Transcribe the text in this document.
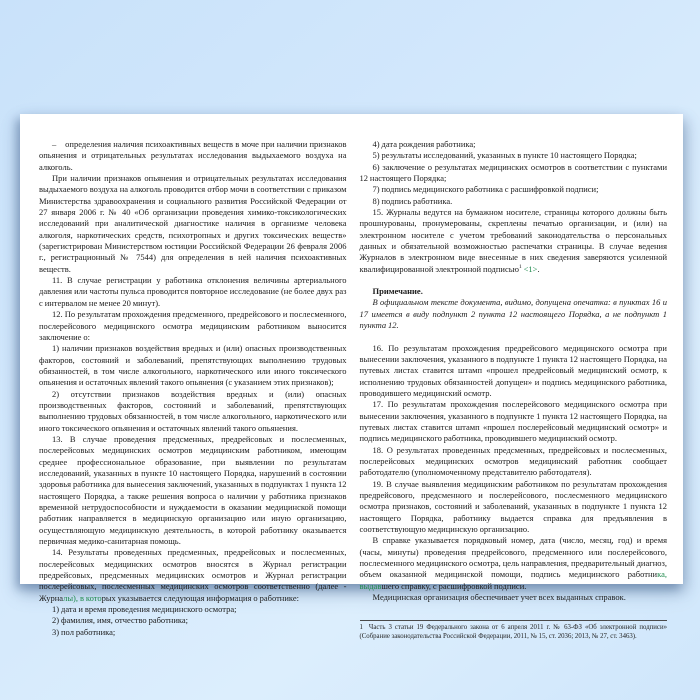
–    определения наличия психоактивных веществ в моче при наличии признаков опьянения и отрицательных результатах исследования выдыхаемого воздуха на алкоголь.

При наличии признаков опьянения и отрицательных результатах исследования выдыхаемого воздуха на алкоголь проводится отбор мочи в соответствии с приказом Министерства здравоохранения и социального развития Российской Федерации от 27 января 2006 г. № 40 «Об организации проведения химико-токсикологических исследований при аналитической диагностике наличия в организме человека алкоголя, наркотических средств, психотропных и других токсических веществ» (зарегистрирован Министерством юстиции Российской Федерации 26 февраля 2006 г., регистрационный № 7544) для определения в ней наличия психоактивных веществ.

11. В случае регистрации у работника отклонения величины артериального давления или частоты пульса проводится повторное исследование (не более двух раз с интервалом не менее 20 минут).

12. По результатам прохождения предсменного, предрейсового и послесменного, послерейсового медицинского осмотра медицинским работником выносится заключение о:

1) наличии признаков воздействия вредных и (или) опасных производственных факторов, состояний и заболеваний, препятствующих выполнению трудовых обязанностей, в том числе алкогольного, наркотического или иного токсического опьянения и остаточных явлений такого опьянения (с указанием этих признаков);

2) отсутствии признаков воздействия вредных и (или) опасных производственных факторов, состояний и заболеваний, препятствующих выполнению трудовых обязанностей, в том числе алкогольного, наркотического или иного токсического опьянения и остаточных явлений такого опьянения.

13. В случае проведения предсменных, предрейсовых и послесменных, послерейсовых медицинских осмотров медицинским работником, имеющим среднее профессиональное образование, при выявлении по результатам исследований, указанных в пункте 10 настоящего Порядка, нарушений в состоянии здоровья работника для вынесения заключений, указанных в подпунктах 1 пункта 12 настоящего Порядка, а также решения вопроса о наличии у работника признаков временной нетрудоспособности и нуждаемости в оказании медицинской помощи работник направляется в медицинскую организацию или иную организацию, осуществляющую медицинскую деятельность, в которой работнику оказывается первичная медико-санитарная помощь.

14. Результаты проведенных предсменных, предрейсовых и послесменных, послерейсовых медицинских осмотров вносятся в Журнал регистрации предрейсовых, предсменных медицинских осмотров и Журнал регистрации послерейсовых, послесменных медицинских осмотров соответственно (далее - Журналы), в которых указывается следующая информация о работнике:

1) дата и время проведения медицинского осмотра;

2) фамилия, имя, отчество работника;

3) пол работника;

4) дата рождения работника;

5) результаты исследований, указанных в пункте 10 настоящего Порядка;

6) заключение о результатах медицинских осмотров в соответствии с пунктами 12 настоящего Порядка;

7) подпись медицинского работника с расшифровкой подписи;

8) подпись работника.

15. Журналы ведутся на бумажном носителе, страницы которого должны быть прошнурованы, пронумерованы, скреплены печатью организации, и (или) на электронном носителе с учетом требований законодательства о персональных данных и обязательной возможностью распечатки страницы. В случае ведения Журналов в электронном виде внесенные в них сведения заверяются усиленной квалифицированной электронной подписью$^1$ <1>.

Примечание.

В официальном тексте документа, видимо, допущена опечатка: в пунктах 16 и 17 имеется в виду подпункт 2 пункта 12 настоящего Порядка, а не подпункт 1 пункта 12.

16. По результатам прохождения предрейсового медицинского осмотра при вынесении заключения, указанного в подпункте 1 пункта 12 настоящего Порядка, на путевых листах ставится штамп «прошел предрейсовый медицинский осмотр, к исполнению трудовых обязанностей допущен» и подпись медицинского работника, проводившего медицинский осмотр.

17. По результатам прохождения послерейсового медицинского осмотра при вынесении заключения, указанного в подпункте 1 пункта 12 настоящего Порядка, на путевых листах ставится штамп «прошел послерейсовый медицинский осмотр» и подпись медицинского работника, проводившего медицинский осмотр.

18. О результатах проведенных предсменных, предрейсовых и послесменных, послерейсовых медицинских осмотров медицинский работник сообщает работодателю (уполномоченному представителю работодателя).

19. В случае выявления медицинским работником по результатам прохождения предрейсового, предсменного и послерейсового, послесменного медицинского осмотра признаков, состояний и заболеваний, указанных в подпункте 1 пункта 12 настоящего Порядка, работнику выдается справка для предъявления в соответствующую медицинскую организацию.

В справке указывается порядковый номер, дата (число, месяц, год) и время (часы, минуты) проведения предрейсового, предсменного или послерейсового, послесменного медицинского осмотра, цель направления, предварительный диагноз, объем оказанной медицинской помощи, подпись медицинского работника, выдавшего справку, с расшифровкой подписи.

Медицинская организация обеспечивает учет всех выданных справок.

1 Часть 3 статьи 19 Федерального закона от 6 апреля 2011 г. № 63-ФЗ «Об электронной подписи» (Собрание законодательства Российской Федерации, 2011, № 15, ст. 2036; 2013, № 27, ст. 3463).
